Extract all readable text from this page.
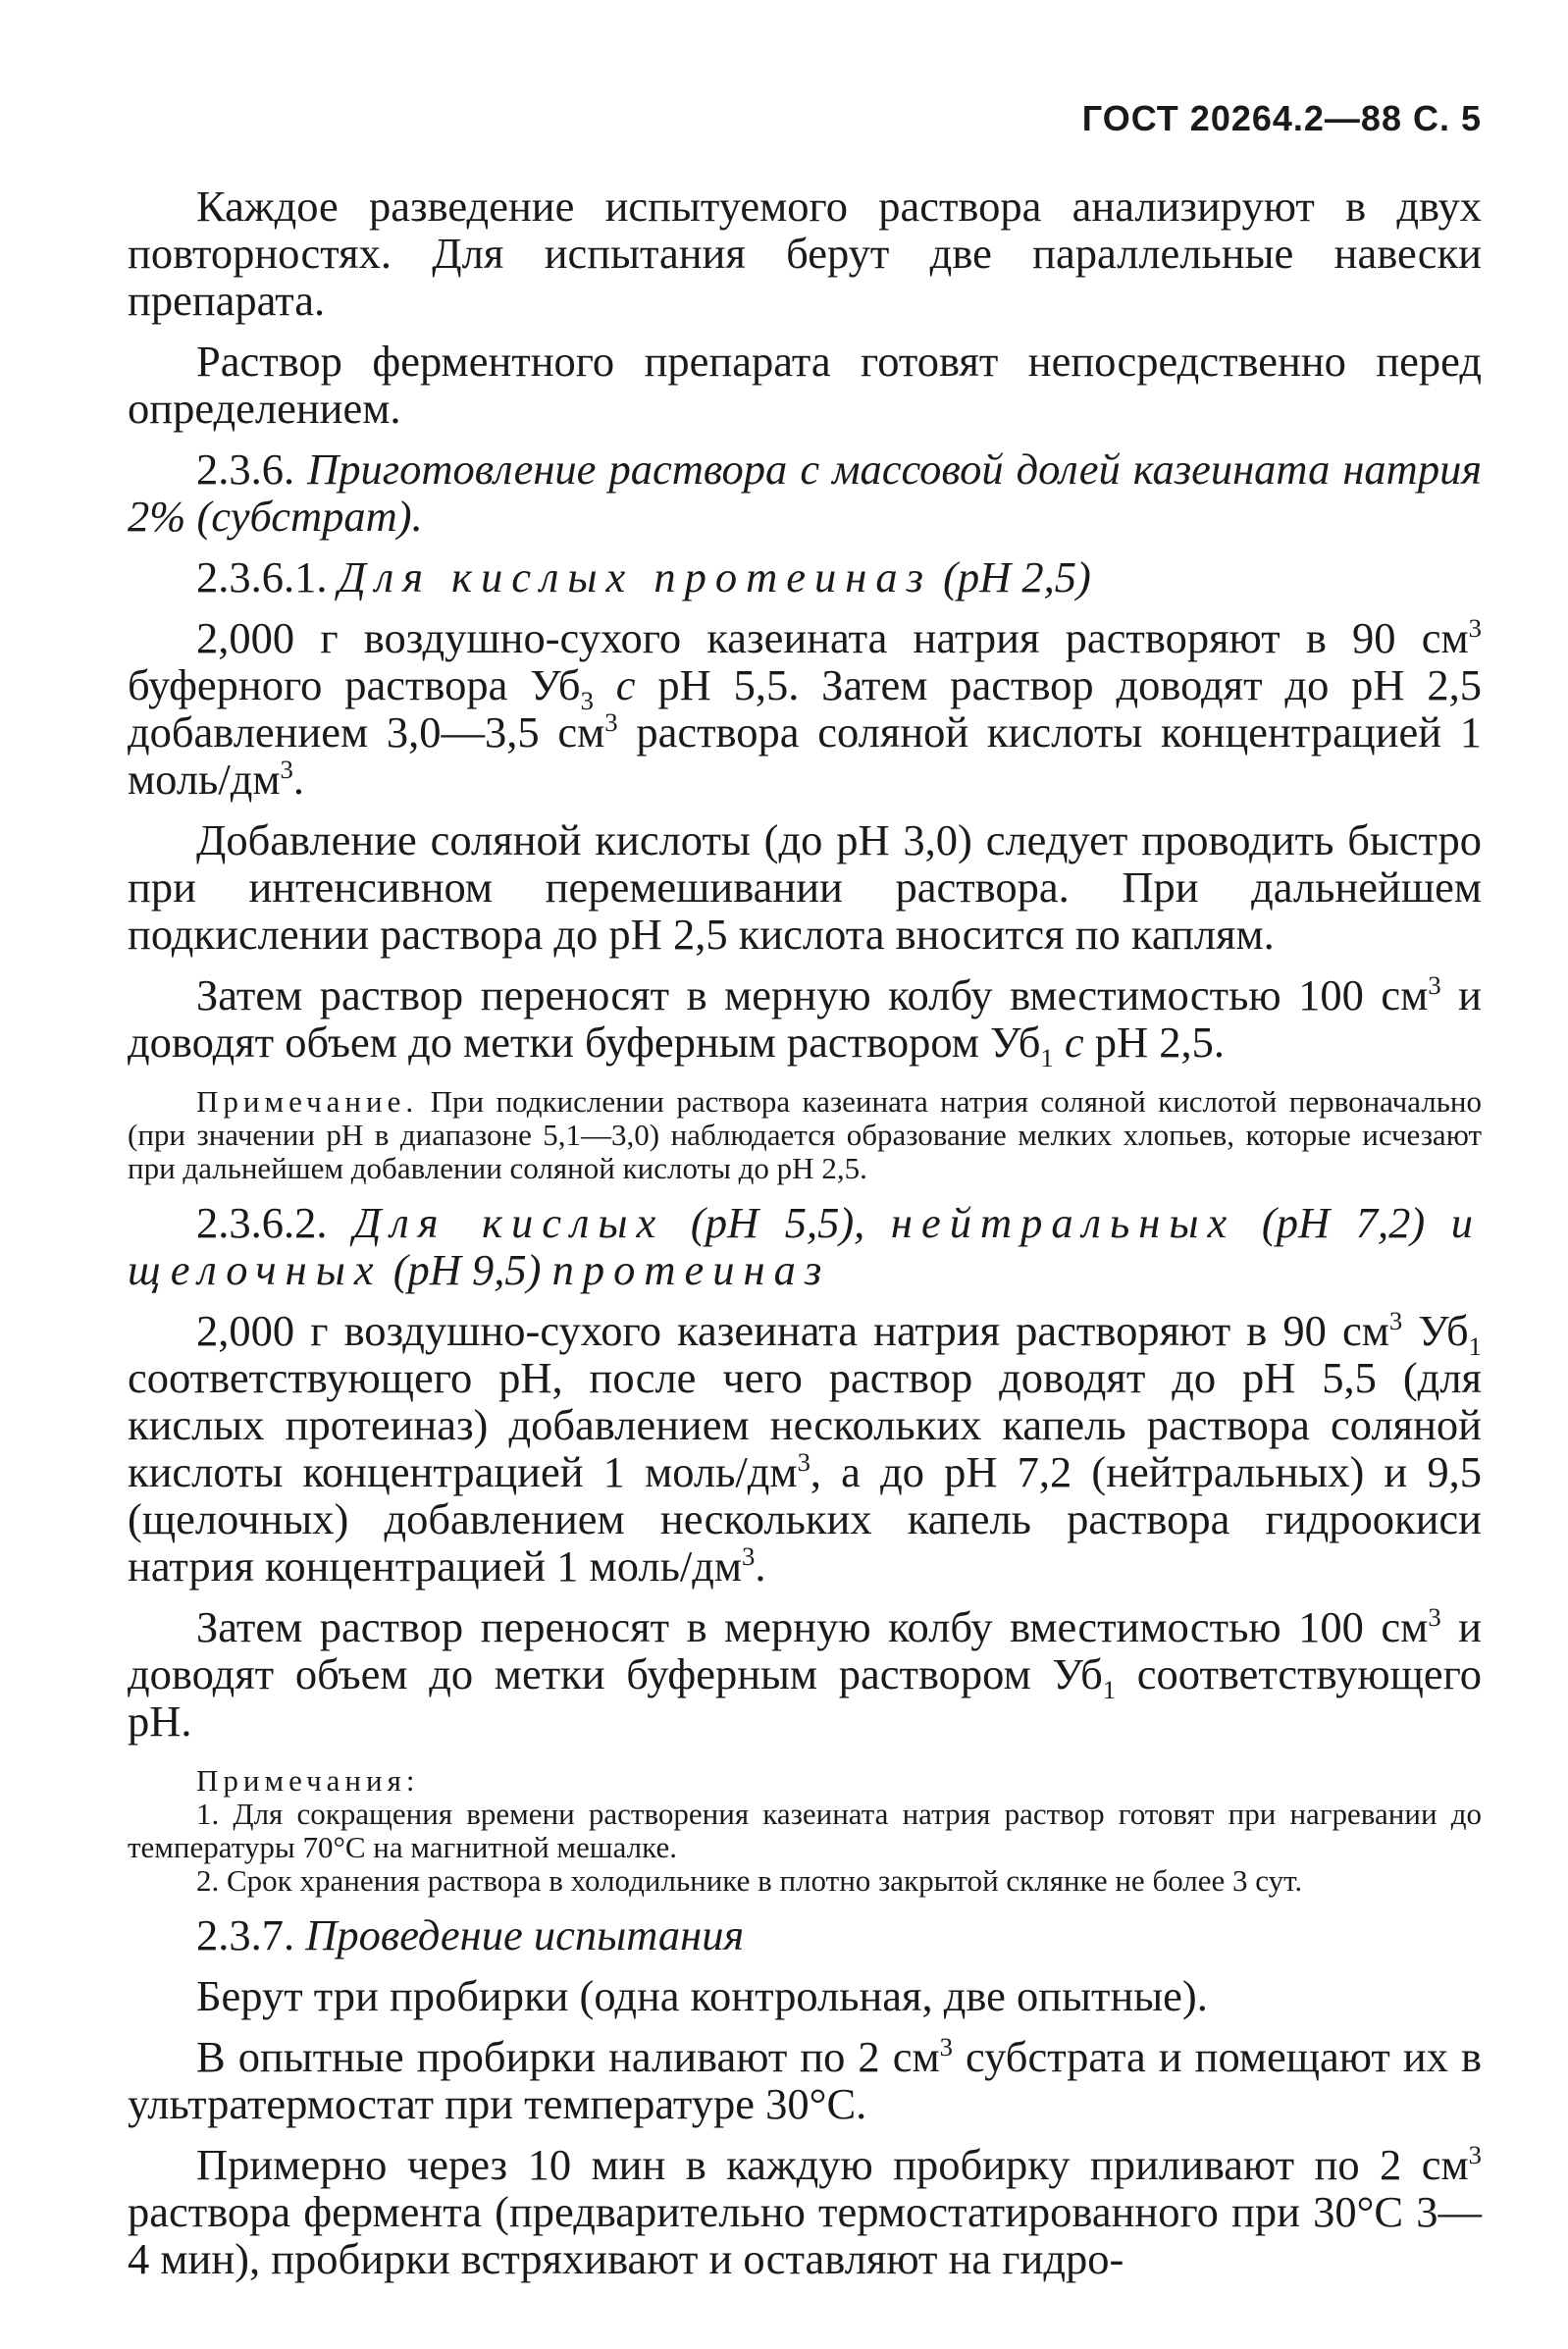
ГОСТ 20264.2—88 С. 5

Каждое разведение испытуемого раствора анализируют в двух повторностях. Для испытания берут две параллельные навески препарата.

Раствор ферментного препарата готовят непосредственно перед определением.

2.3.6. Приготовление раствора с массовой долей казеината натрия 2% (субстрат).

2.3.6.1. Для кислых протеиназ (pH 2,5)

2,000 г воздушно-сухого казеината натрия растворяют в 90 $см^3$ буферного раствора $Уб_3$ с pH 5,5. Затем раствор доводят до pH 2,5 добавлением 3,0—3,5 $см^3$ раствора соляной кислоты концентрацией 1 моль/$дм^3$.

Добавление соляной кислоты (до pH 3,0) следует проводить быстро при интенсивном перемешивании раствора. При дальнейшем подкислении раствора до pH 2,5 кислота вносится по каплям.

Затем раствор переносят в мерную колбу вместимостью 100 $см^3$ и доводят объем до метки буферным раствором $Уб_1$ с pH 2,5.

Примечание. При подкислении раствора казеината натрия соляной кислотой первоначально (при значении pH в диапазоне 5,1—3,0) наблюдается образование мелких хлопьев, которые исчезают при дальнейшем добавлении соляной кислоты до pH 2,5.

2.3.6.2. Для кислых (pH 5,5), нейтральных (pH 7,2) и щелочных (pH 9,5) протеиназ

2,000 г воздушно-сухого казеината натрия растворяют в 90 $см^3$ $Уб_1$ соответствующего pH, после чего раствор доводят до pH 5,5 (для кислых протеиназ) добавлением нескольких капель раствора соляной кислоты концентрацией 1 моль/$дм^3$, а до pH 7,2 (нейтральных) и 9,5 (щелочных) добавлением нескольких капель раствора гидроокиси натрия концентрацией 1 моль/$дм^3$.

Затем раствор переносят в мерную колбу вместимостью 100 $см^3$ и доводят объем до метки буферным раствором $Уб_1$ соответствующего pH.

Примечания:

1. Для сокращения времени растворения казеината натрия раствор готовят при нагревании до температуры 70°С на магнитной мешалке.

2. Срок хранения раствора в холодильнике в плотно закрытой склянке не более 3 сут.

2.3.7. Проведение испытания

Берут три пробирки (одна контрольная, две опытные).

В опытные пробирки наливают по 2 $см^3$ субстрата и помещают их в ультратермостат при температуре 30°С.

Примерно через 10 мин в каждую пробирку приливают по 2 $см^3$ раствора фермента (предварительно термостатированного при 30°С 3—4 мин), пробирки встряхивают и оставляют на гидро-
